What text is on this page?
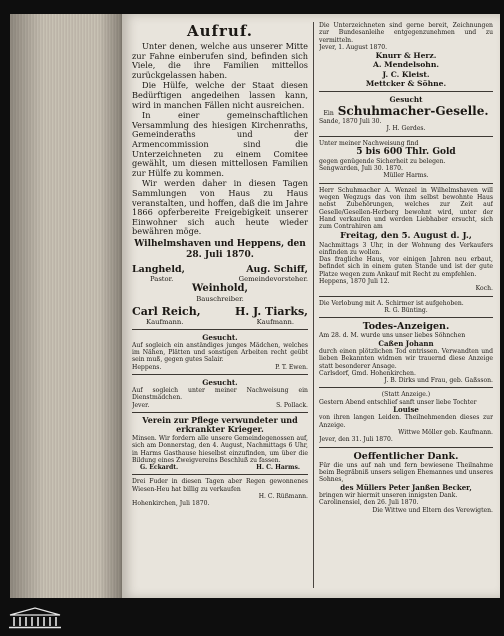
Aufruf.

Unter denen, welche aus unserer Mitte zur Fahne einberufen sind, befinden sich Viele, die ihre Familien mittellos zurückgelassen haben.

Die Hülfe, welche der Staat diesen Bedürftigen angedeihen lassen kann, wird in manchen Fällen nicht ausreichen.

In einer gemeinschaftlichen Versammlung des hiesigen Kirchenraths, Gemeinderaths und der Armencommission sind die Unterzeichneten zu einem Comitee gewählt, um diesen mittellosen Familien zur Hülfe zu kommen.

Wir werden daher in diesen Tagen Sammlungen von Haus zu Haus veranstalten, und hoffen, daß die im Jahre 1866 opferbereite Freigebigkeit unserer Einwohner sich auch heute wieder bewähren möge.

Wilhelmshaven und Heppens, den 28. Juli 1870.
Langheld,	Aug. Schiff,
Pastor.	Gemeindevorsteher.
Weinhold,
Bauschreiber.
Carl Reich,	H. J. Tiarks,
Kaufmann.	Kaufmann.
Gesucht.
Auf sogleich ein anständiges junges Mädchen, welches im Nähen, Plätten und sonstigen Arbeiten recht geübt sein muß, gegen gutes Salair.
Heppens.	P. T. Ewen.
Gesucht.
Auf sogleich unter meiner Nachweisung ein Dienstmädchen.
Jever.	S. Pollack.
Verein zur Pflege verwundeter und erkrankter Krieger.
Minsen. Wir fordern alle unsere Gemeindegenossen auf, sich am Donnerstag, den 4. August, Nachmittags 6 Uhr, in Harms Gasthause hieselbst einzufinden, um über die Bildung eines Zweigvereins Beschluß zu fassen.
G. Eckardt.	H. C. Harms.
Drei Fuder in diesen Tagen aber Regen gewonnenes Wiesen-Heu hat billig zu verkaufen
H. C. Rüßmann.
Hohenkirchen, Juli 1870.
Die Unterzeichneten sind gerne bereit, Zeichnungen zur Bundesanleihe entgegenzunehmen und zu vermitteln.
Jever, 1. August 1870.
Knurr & Herz.
A. Mendelsohn.
J. C. Kleist.
Mettcker & Söhne.
Gesucht
Ein Schuhmacher-Geselle.
Sande, 1870 Juli 30.
J. H. Gerdes.
Unter meiner Nachweisung find
5 bis 600 Thlr. Gold
gegen genügende Sicherheit zu belegen.
Sengwarden, Juli 30. 1870.
Müller Harms.
Herr Schuhmacher A. Wenzel in Wilhelmshaven will wegen Wegzugs das von ihm selbst bewohnte Haus nebst Zubehörungen, welches zur Zeit auf Geselle/Gesellen-Herberg bewohnt wird, unter der Hand verkaufen und werden Liebhaber ersucht, sich zum Contrahiren am
Freitag, den 5. August d. J.,
Nachmittags 3 Uhr, in der Wohnung des Verkaufers einfinden zu wollen.
Das fragliche Haus, vor einigen Jahren neu erbaut, befindet sich in einem guten Stande und ist der gute Platze wegen zum Ankauf mit Recht zu empfehlen.
Heppens, 1870 Juli 12.
Koch.
Die Verlobung mit A. Schirmer ist aufgehoben.
R. G. Bünting.
Todes-Anzeigen.
Am 28. d. M. wurde uns unser liebes Söhnchen
Caßen Johann
durch einen plötzlichen Tod entrissen. Verwandten und lieben Bekannten widmen wir trauernd diese Anzeige statt besonderer Ansage.
Carlsdorf, Gmd. Hohenkirchen.
J. B. Dirks und Frau, geb. Gaßsson.
(Statt Anzeige.)
Gestern Abend entschlief sanft unser liebe Tochter
Louise
von ihren langen Leiden. Theilnehmenden dieses zur Anzeige.
Wittwe Möller geb. Kaufmann.
Jever, den 31. Juli 1870.
Oeffentlicher Dank.
Für die uns auf nah und fern bewiesene Theilnahme beim Begräbniß unsers seligen Ehemannes und unseres Sohnes,
des Müllers Peter Janßen Becker,
bringen wir hiermit unseren innigsten Dank.
Carolinensiel, den 26. Juli 1870.
Die Wittwe und Eltern des Verewigten.
